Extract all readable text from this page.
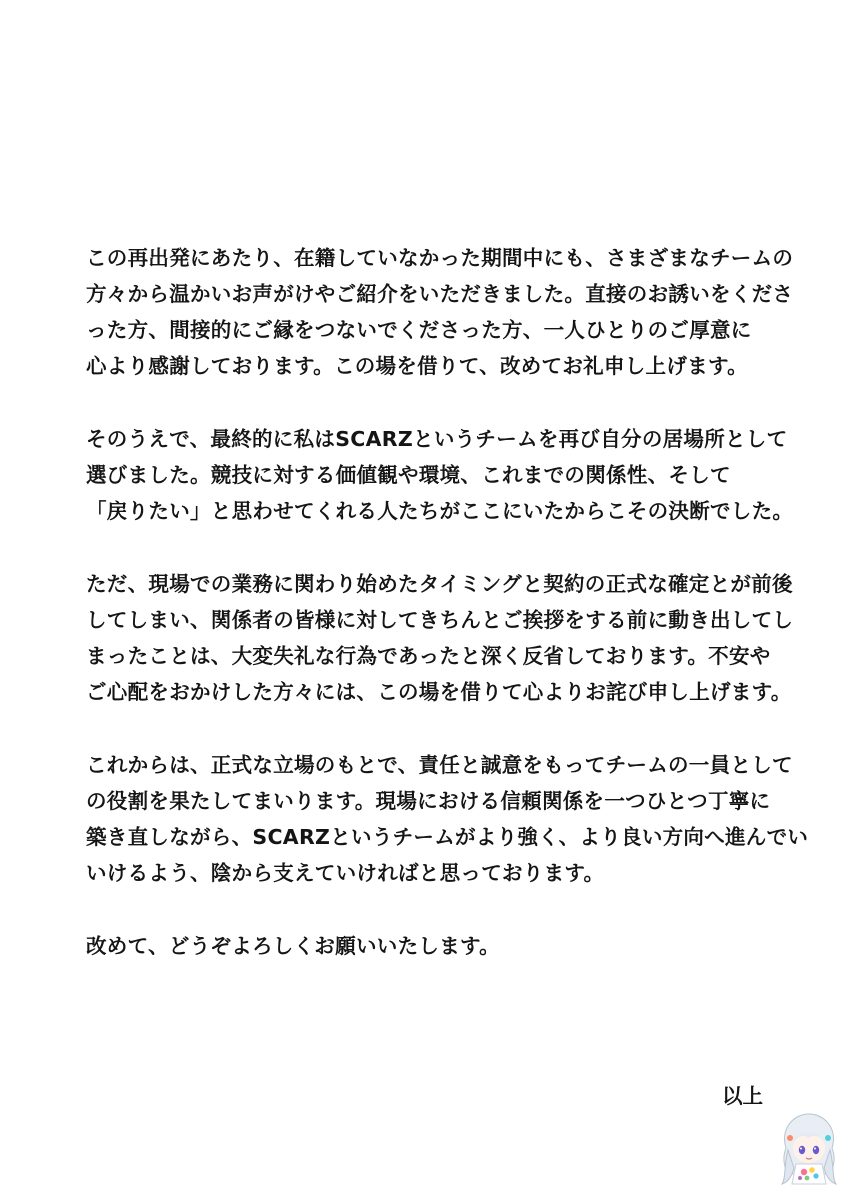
この再出発にあたり、在籍していなかった期間中にも、さまざまなチームの
方々から温かいお声がけやご紹介をいただきました。直接のお誘いをくださ
った方、間接的にご縁をつないでくださった方、一人ひとりのご厚意に
心より感謝しております。この場を借りて、改めてお礼申し上げます。
そのうえで、最終的に私はSCARZというチームを再び自分の居場所として
選びました。競技に対する価値観や環境、これまでの関係性、そして
「戻りたい」と思わせてくれる人たちがここにいたからこその決断でした。
ただ、現場での業務に関わり始めたタイミングと契約の正式な確定とが前後
してしまい、関係者の皆様に対してきちんとご挨拶をする前に動き出してし
まったことは、大変失礼な行為であったと深く反省しております。不安や
ご心配をおかけした方々には、この場を借りて心よりお詫び申し上げます。
これからは、正式な立場のもとで、責任と誠意をもってチームの一員として
の役割を果たしてまいります。現場における信頼関係を一つひとつ丁寧に
築き直しながら、SCARZというチームがより強く、より良い方向へ進んでい
いけるよう、陰から支えていければと思っております。
改めて、どうぞよろしくお願いいたします。
以上
